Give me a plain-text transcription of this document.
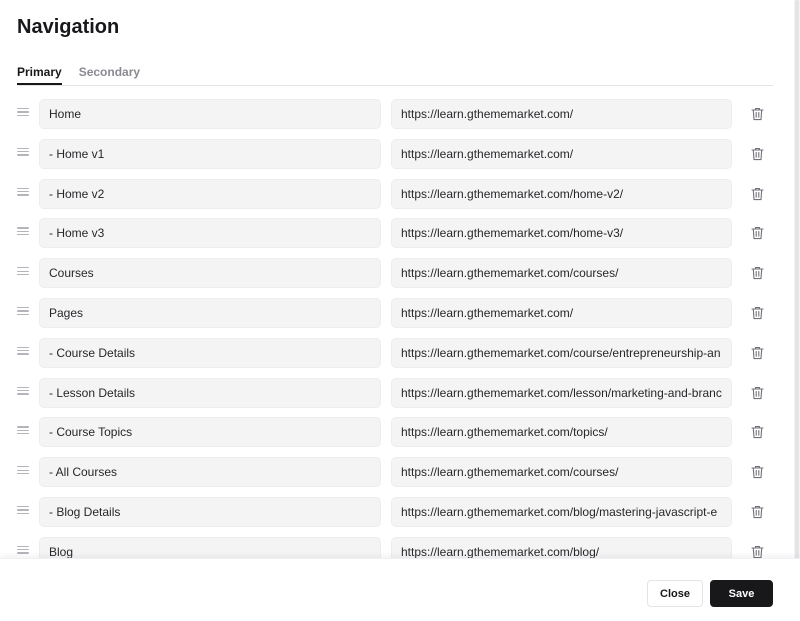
Navigation
Primary Secondary
Home
https://learn.gthememarket.com/
- Home v1
https://learn.gthememarket.com/
- Home v2
https://learn.gthememarket.com/home-v2/
- Home v3
https://learn.gthememarket.com/home-v3/
Courses
https://learn.gthememarket.com/courses/
Pages
https://learn.gthememarket.com/
- Course Details
https://learn.gthememarket.com/course/entrepreneurship-an
- Lesson Details
https://learn.gthememarket.com/lesson/marketing-and-branc
- Course Topics
https://learn.gthememarket.com/topics/
- All Courses
https://learn.gthememarket.com/courses/
- Blog Details
https://learn.gthememarket.com/blog/mastering-javascript-e
Blog
https://learn.gthememarket.com/blog/
Close	Save
